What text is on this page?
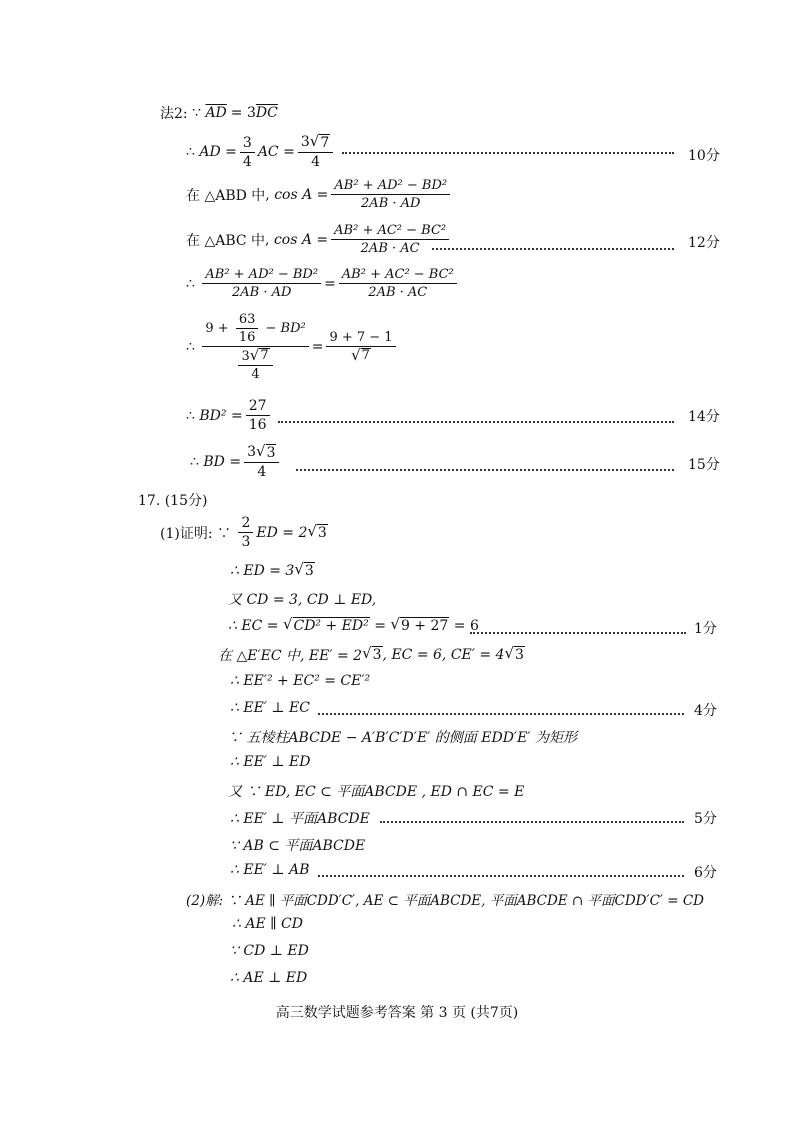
法2: ∵ $\overline{AD} = 3$ $\overline{DC}$
∴
AD = $\frac{3}{4}$ AC = $\frac{3 √ 7}{4}$	10分
在 △ABD 中 , $\cos A = \frac{\text{AB² + AD² − BD²}}{2AB \cdot AD}$
在 △ABC 中 , $\cos A = \frac{\text{AB² + AC² − BC²}}{2AB \cdot AC}$	12分
∴
$\frac{\text{AB² + AD² − BD²}}{2AB \cdot AD} = \frac{\text{AB² + AC² − BC²}}{2AB \cdot AC}$
∴
$\frac{9 + \frac{63}{16} - BD^2}{\frac{3 √ 7}{4}} = \frac{9 + 7 - 1}{√ 7}$
∴
$BD^2 = \frac{27}{16}$	14分
∴
BD = $\frac{3 √ 3}{4}$	15分
17. (15分)
(1)证明: ∵

2
3
ED = 2 √ 3
∴ ED = 3 √ 3
又 CD = 3, CD ⊥ ED,
∴ EC =
√ CD² + ED²
=
√ 9 + 27
= 6	1分
在 △E′EC 中, EE′ = 2 √ 3 , EC = 6, CE′ = 4 √ 3
∴ EE′² + EC² = CE′²
∴ EE′ ⊥ EC	4分
∵ 五棱柱ABCDE − A′B′C′D′E′ 的侧面 EDD′E′ 为矩形
∴ EE′ ⊥ ED
又 ∵ ED, EC ⊂ 平面ABCDE , ED ∩ EC = E
∴ EE′ ⊥ 平面ABCDE	5分
∵ AB ⊂ 平面ABCDE
∴ EE′ ⊥ AB	6分
(2)解: ∵ AE ∥ 平面CDD′C′, AE ⊂ 平面ABCDE, 平面ABCDE ∩ 平面CDD′C′ = CD
∴ AE ∥ CD
∵ CD ⊥ ED
∴ AE ⊥ ED
高三数学试题参考答案 第 3 页 (共7页)
